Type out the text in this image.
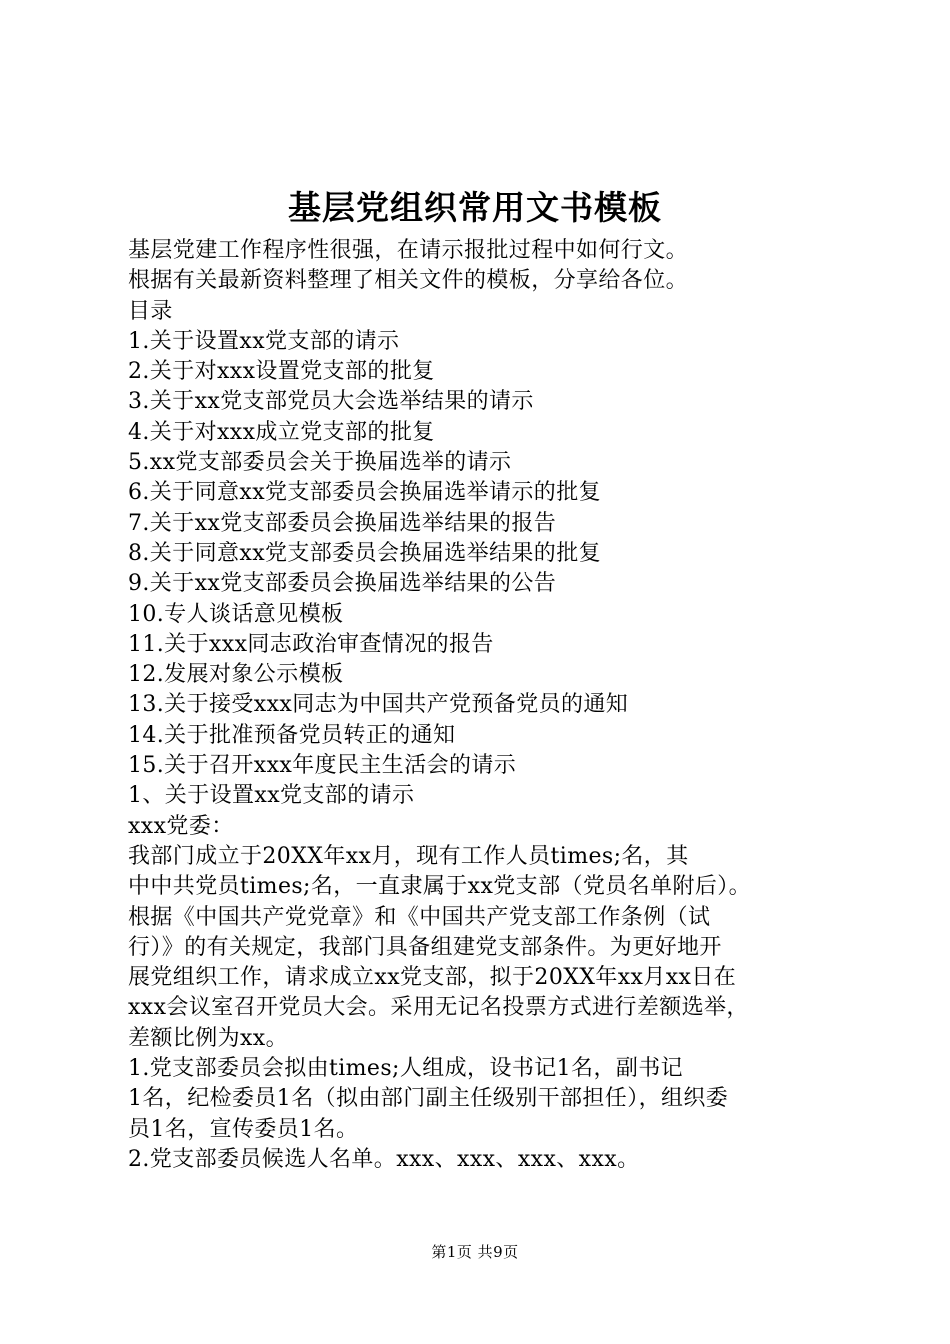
基层党组织常用文书模板

基层党建工作程序性很强，在请示报批过程中如何行文。

根据有关最新资料整理了相关文件的模板，分享给各位。

目录

1.关于设置xx党支部的请示

2.关于对xxx设置党支部的批复

3.关于xx党支部党员大会选举结果的请示

4.关于对xxx成立党支部的批复

5.xx党支部委员会关于换届选举的请示

6.关于同意xx党支部委员会换届选举请示的批复

7.关于xx党支部委员会换届选举结果的报告

8.关于同意xx党支部委员会换届选举结果的批复

9.关于xx党支部委员会换届选举结果的公告

10.专人谈话意见模板

11.关于xxx同志政治审查情况的报告

12.发展对象公示模板

13.关于接受xxx同志为中国共产党预备党员的通知

14.关于批准预备党员转正的通知

15.关于召开xxx年度民主生活会的请示

1、关于设置xx党支部的请示

xxx党委：

我部门成立于20XX年xx月，现有工作人员times;名，其

中中共党员times;名，一直隶属于xx党支部（党员名单附后）。

根据《中国共产党党章》和《中国共产党支部工作条例（试

行）》的有关规定，我部门具备组建党支部条件。为更好地开

展党组织工作，请求成立xx党支部，拟于20XX年xx月xx日在

xxx会议室召开党员大会。采用无记名投票方式进行差额选举，

差额比例为xx。

1.党支部委员会拟由times;人组成，设书记1名，副书记

1名，纪检委员1名（拟由部门副主任级别干部担任），组织委

员1名，宣传委员1名。

2.党支部委员候选人名单。xxx、xxx、xxx、xxx。

第1页 共9页
